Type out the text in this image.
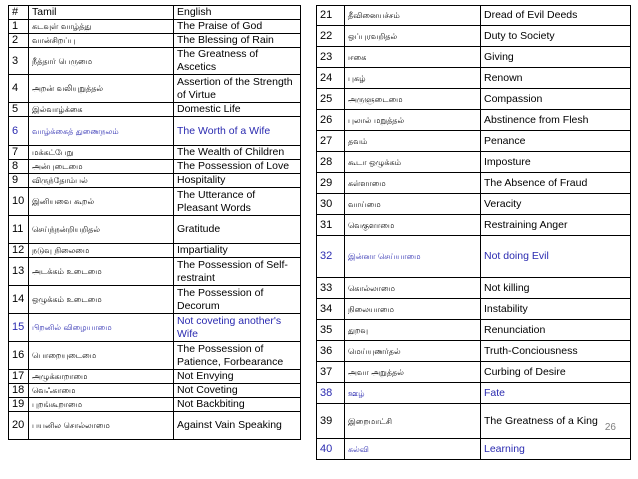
#	Tamil	English
1	கடவுள் வாழ்த்து	The Praise of God
2	வான்சிறப்பு	The Blessing of Rain
3	நீத்தார் பெருமை	The Greatness of Ascetics
4	அறன் வலியுறுத்தல்	Assertion of the Strength of Virtue
5	இல்வாழ்க்கை	Domestic Life
6	வாழ்க்கைத் துணைநலம்	The Worth of a Wife
7	மக்கட்பேறு	The Wealth of Children
8	அன்புடைமை	The Possession of Love
9	விருந்தோம்பல்	Hospitality
10	இனியவை கூறல்	The Utterance of Pleasant Words
11	செய்ந்நன்றியறிதல்	Gratitude
12	நடுவு நிலைமை	Impartiality
13	அடக்கம் உடைமை	The Possession of Self-restraint
14	ஒழுக்கம் உடைமை	The Possession of Decorum
15	பிறனில் விழையாமை	Not coveting another's Wife
16	பொறையுடைமை	The Possession of Patience, Forbearance
17	அழுக்காறாமை	Not Envying
18	வெஃகாமை	Not Coveting
19	புறங்கூறாமை	Not Backbiting
20	பயனில சொல்லாமை	Against Vain Speaking
21	தீவினையச்சம்	Dread of Evil Deeds
22	ஒப்புரவறிதல்	Duty to Society
23	ஈகை	Giving
24	புகழ்	Renown
25	அருளுடைமை	Compassion
26	புலால் மறுத்தல்	Abstinence from Flesh
27	தவம்	Penance
28	கூடா ஒழுக்கம்	Imposture
29	கள்ளாமை	The Absence of Fraud
30	வாய்மை	Veracity
31	வெகுளாமை	Restraining Anger
32	இன்னா செய்யாமை	Not doing Evil
33	கொல்லாமை	Not killing
34	நிலையாமை	Instability
35	துறவு	Renunciation
36	மெய்யுணர்தல்	Truth-Conciousness
37	அவா அறுத்தல்	Curbing of Desire
38	ஊழ்	Fate
39	இறைமாட்சி	The Greatness of a King
40	கல்வி	Learning
26
